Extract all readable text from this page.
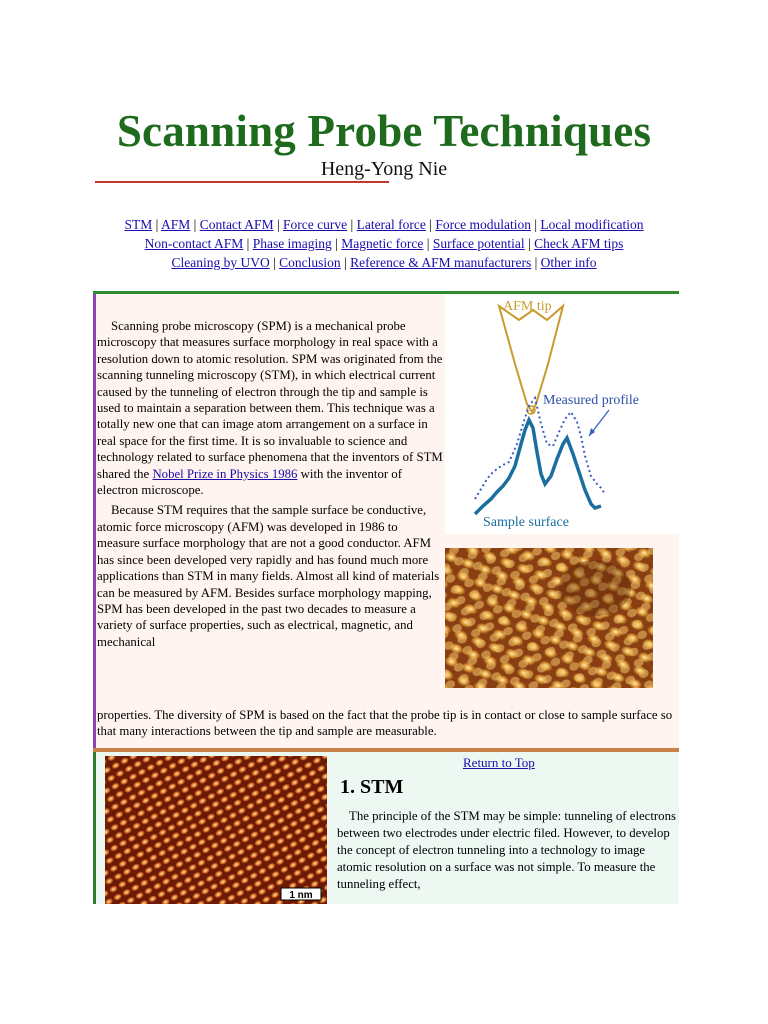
Scanning Probe Techniques
Heng-Yong Nie
STM | AFM | Contact AFM | Force curve | Lateral force | Force modulation | Local modification
Non-contact AFM | Phase imaging | Magnetic force | Surface potential | Check AFM tips
Cleaning by UVO | Conclusion | Reference & AFM manufacturers | Other info

Scanning probe microscopy (SPM) is a mechanical probe microscopy that measures surface morphology in real space with a resolution down to atomic resolution. SPM was originated from the scanning tunneling microscopy (STM), in which electrical current caused by the tunneling of electron through the tip and sample is used to maintain a separation between them. This technique was a totally new one that can image atom arrangement on a surface in real space for the first time. It is so invaluable to science and technology related to surface phenomena that the inventors of STM shared the Nobel Prize in Physics 1986 with the inventor of electron microscope.

Because STM requires that the sample surface be conductive, atomic force microscopy (AFM) was developed in 1986 to measure surface morphology that are not a good conductor. AFM has since been developed very rapidly and has found much more applications than STM in many fields. Almost all kind of materials can be measured by AFM. Besides surface morphology mapping, SPM has been developed in the past two decades to measure a variety of surface properties, such as electrical, magnetic, and mechanical

properties. The diversity of SPM is based on the fact that the probe tip is in contact or close to sample surface so that many interactions between the tip and sample are measurable.
AFM tip
Measured profile
Sample surface
1 nm
Return to Top
1. STM

The principle of the STM may be simple: tunneling of electrons between two electrodes under electric filed. However, to develop the concept of electron tunneling into a technology to image atomic resolution on a surface was not simple. To measure the tunneling effect,
